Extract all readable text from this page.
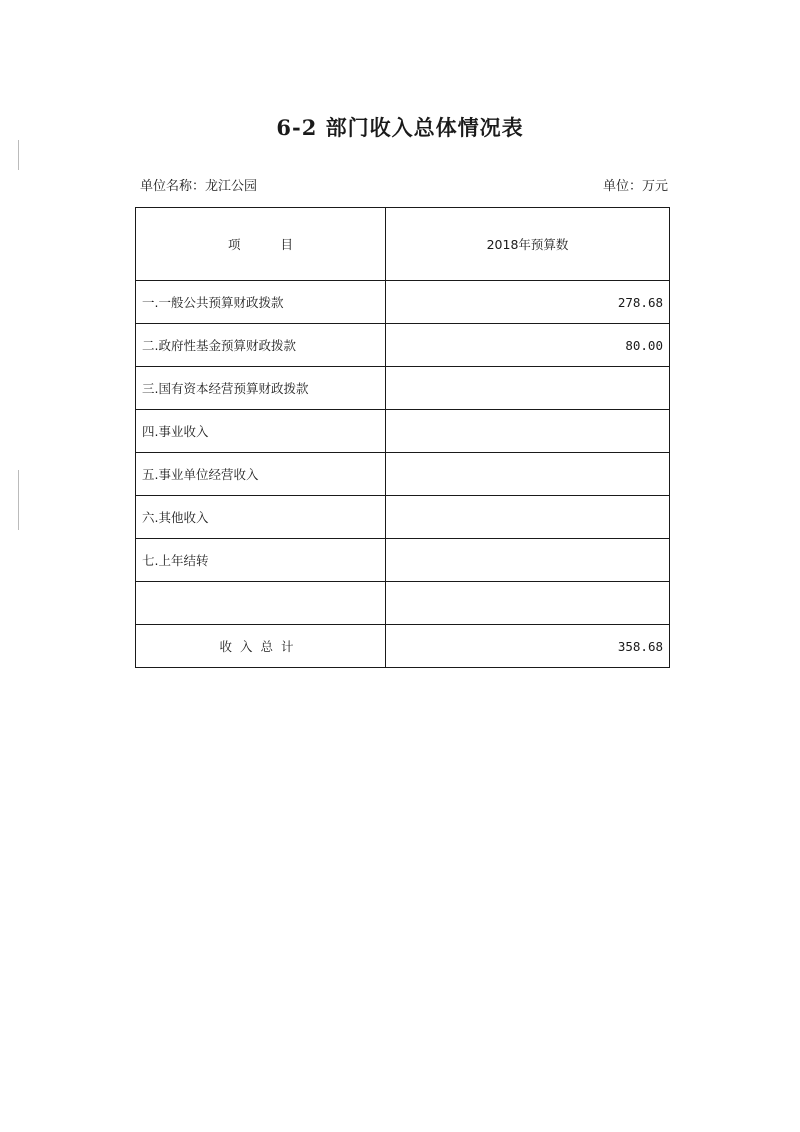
6-2 部门收入总体情况表
单位名称：龙江公园	单位：万元
项目	2018年预算数
一.一般公共预算财政拨款	278.68
二.政府性基金预算财政拨款	80.00
三.国有资本经营预算财政拨款	
四.事业收入	
五.事业单位经营收入	
六.其他收入	
七.上年结转	

收入总计	358.68
